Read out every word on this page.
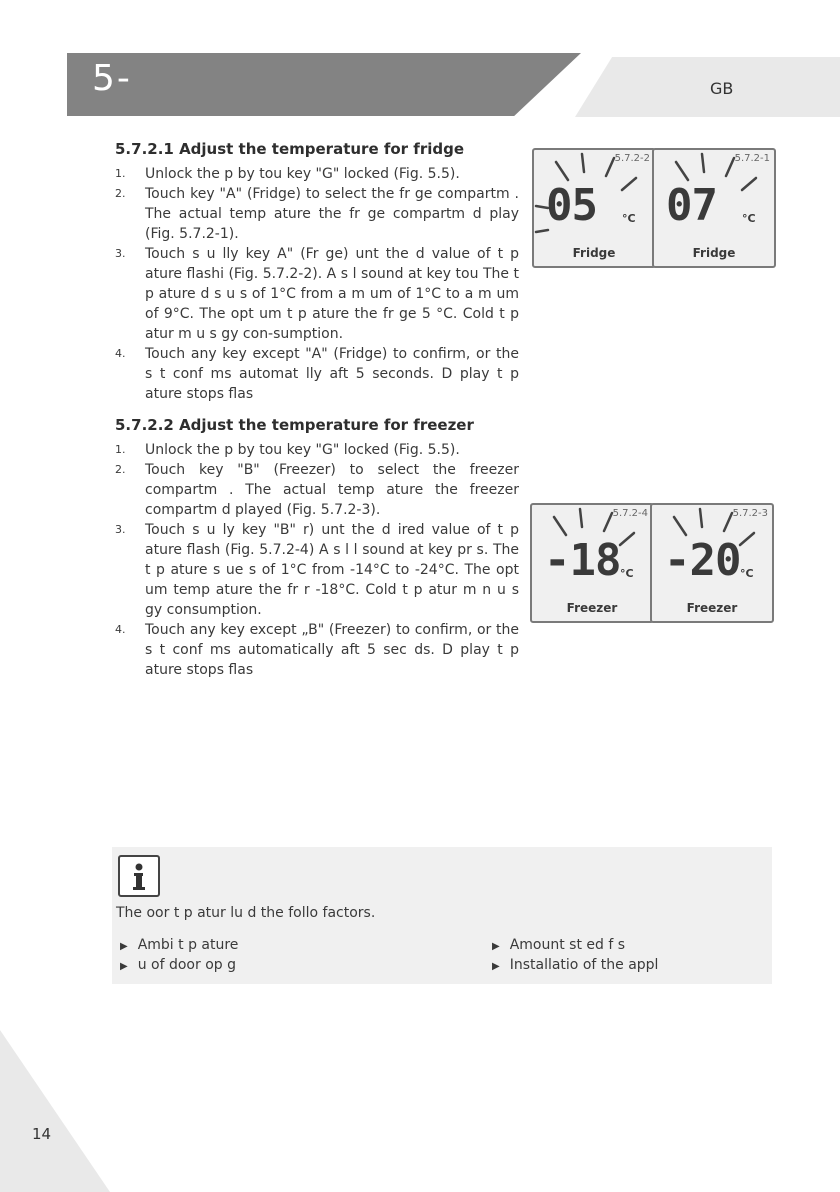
5-	GB
5.7.2.1 Adjust the temperature for fridge
1. Unlock the p by tou key "G" locked (Fig. 5.5).
2. Touch key "A" (Fridge) to select the fr ge compartm . The actual temp ature the fr ge compartm d play (Fig. 5.7.2-1).
3. Touch s u lly key A" (Fr ge) unt the d value of t p ature flashi (Fig. 5.7.2-2). A s l sound at key tou The t p ature d s u s of 1°C from a m um of 1°C to a m um of 9°C. The opt um t p ature the fr ge 5 °C. Cold t p atur m u s gy con-sumption.
4. Touch any key except "A" (Fridge) to confirm, or the s t conf ms automat lly aft 5 seconds. D play t p ature stops flas
5.7.2.2 Adjust the temperature for freezer
1. Unlock the p by tou key "G" locked (Fig. 5.5).
2. Touch key "B" (Freezer) to select the freezer compartm . The actual temp ature the freezer compartm d played (Fig. 5.7.2-3).
3. Touch s u ly key "B" r) unt the d ired value of t p ature flash (Fig. 5.7.2-4) A s l l sound at key pr s. The t p ature s ue s of 1°C from -14°C to -24°C. The opt um temp ature the fr r -18°C. Cold t p atur m n u s gy consumption.
4. Touch any key except „B" (Freezer) to confirm, or the s t conf ms automatically aft 5 sec ds. D play t p ature stops flas
5.7.2-2
05 °C
Fridge
5.7.2-1
07 °C
Fridge
5.7.2-4
-18 °C
Freezer
5.7.2-3
-20 °C
Freezer
The oor t p atur lu d the follo factors.
▶ Ambi t p ature	▶ Amount st ed f s
▶ u of door op g	▶ Installatio of the appl
14
